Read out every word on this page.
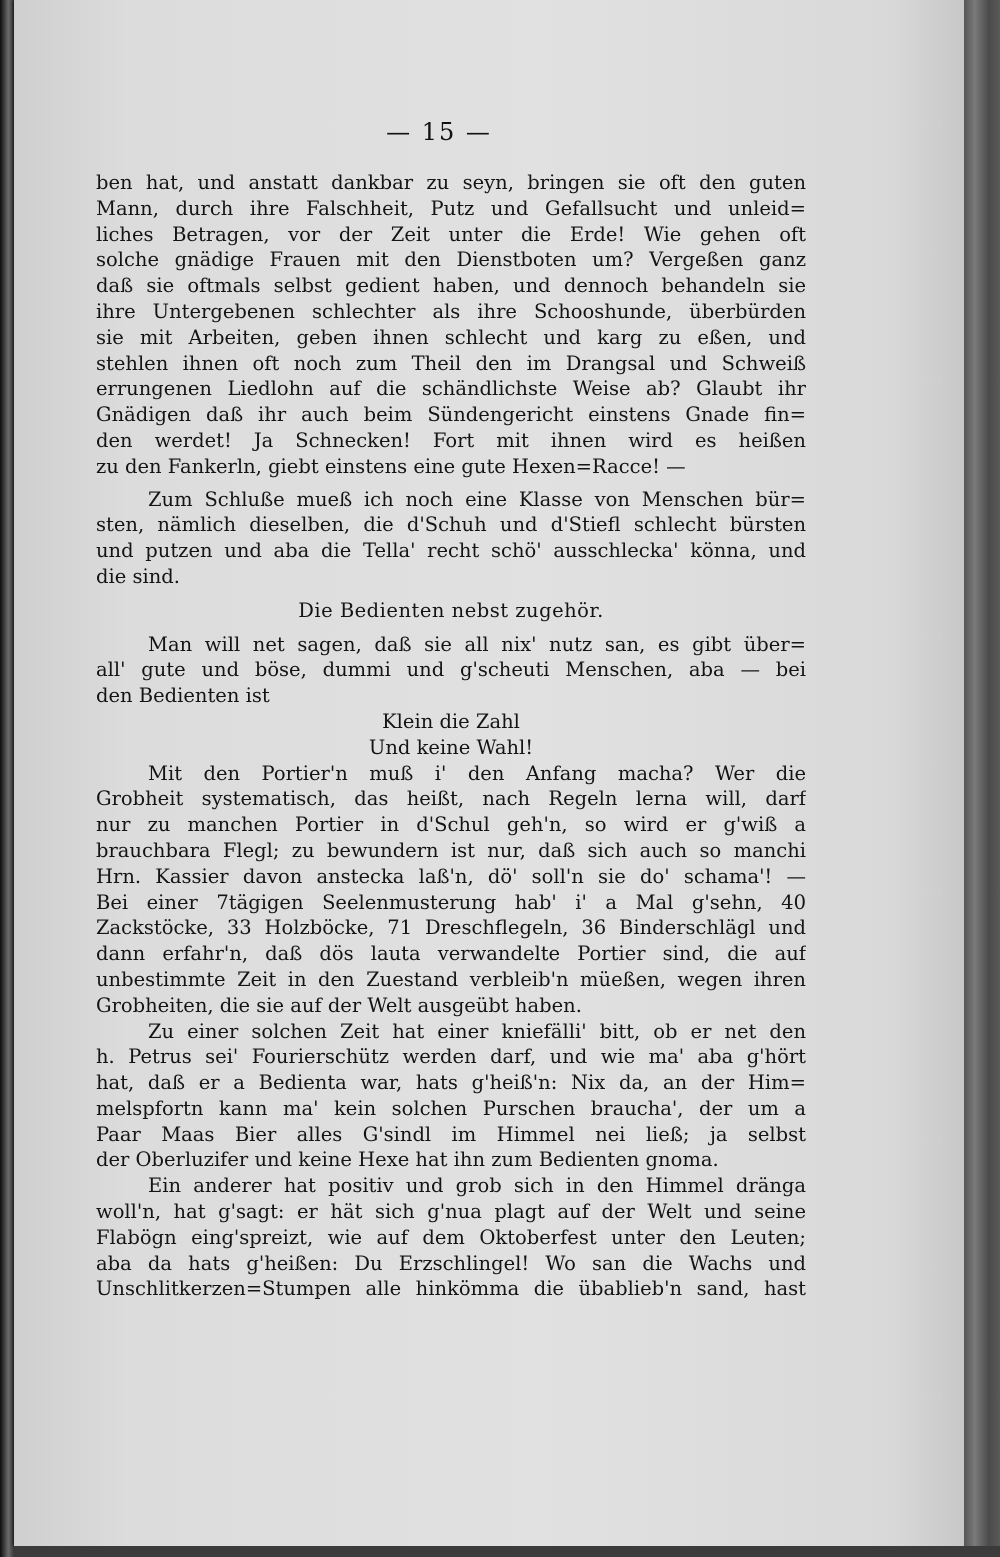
— 15 —
ben hat, und anstatt dankbar zu seyn, bringen sie oft den guten
Mann, durch ihre Falschheit, Putz und Gefallsucht und unleid=
liches Betragen, vor der Zeit unter die Erde! Wie gehen oft
solche gnädige Frauen mit den Dienstboten um? Vergeßen ganz
daß sie oftmals selbst gedient haben, und dennoch behandeln sie
ihre Untergebenen schlechter als ihre Schooshunde, überbürden
sie mit Arbeiten, geben ihnen schlecht und karg zu eßen, und
stehlen ihnen oft noch zum Theil den im Drangsal und Schweiß
errungenen Liedlohn auf die schändlichste Weise ab? Glaubt ihr
Gnädigen daß ihr auch beim Sündengericht einstens Gnade fin=
den werdet! Ja Schnecken! Fort mit ihnen wird es heißen
zu den Fankerln, giebt einstens eine gute Hexen=Racce! —
Zum Schluße mueß ich noch eine Klasse von Menschen bür=
sten, nämlich dieselben, die d'Schuh und d'Stiefl schlecht bürsten
und putzen und aba die Tella' recht schö' ausschlecka' könna, und
die sind.
Die Bedienten nebst zugehör.
Man will net sagen, daß sie all nix' nutz san, es gibt über=
all' gute und böse, dummi und g'scheuti Menschen, aba — bei
den Bedienten ist
Klein die Zahl
Und keine Wahl!
Mit den Portier'n muß i' den Anfang macha? Wer die
Grobheit systematisch, das heißt, nach Regeln lerna will, darf
nur zu manchen Portier in d'Schul geh'n, so wird er g'wiß a
brauchbara Flegl; zu bewundern ist nur, daß sich auch so manchi
Hrn. Kassier davon anstecka laß'n, dö' soll'n sie do' schama'! —
Bei einer 7tägigen Seelenmusterung hab' i' a Mal g'sehn, 40
Zackstöcke, 33 Holzböcke, 71 Dreschflegeln, 36 Binderschlägl und
dann erfahr'n, daß dös lauta verwandelte Portier sind, die auf
unbestimmte Zeit in den Zuestand verbleib'n müeßen, wegen ihren
Grobheiten, die sie auf der Welt ausgeübt haben.
Zu einer solchen Zeit hat einer kniefälli' bitt, ob er net den
h. Petrus sei' Fourierschütz werden darf, und wie ma' aba g'hört
hat, daß er a Bedienta war, hats g'heiß'n: Nix da, an der Him=
melspfortn kann ma' kein solchen Purschen braucha', der um a
Paar Maas Bier alles G'sindl im Himmel nei ließ; ja selbst
der Oberluzifer und keine Hexe hat ihn zum Bedienten gnoma.
Ein anderer hat positiv und grob sich in den Himmel dränga
woll'n, hat g'sagt: er hät sich g'nua plagt auf der Welt und seine
Flabögn eing'spreizt, wie auf dem Oktoberfest unter den Leuten;
aba da hats g'heißen: Du Erzschlingel! Wo san die Wachs und
Unschlitkerzen=Stumpen alle hinkömma die übablieb'n sand, hast
